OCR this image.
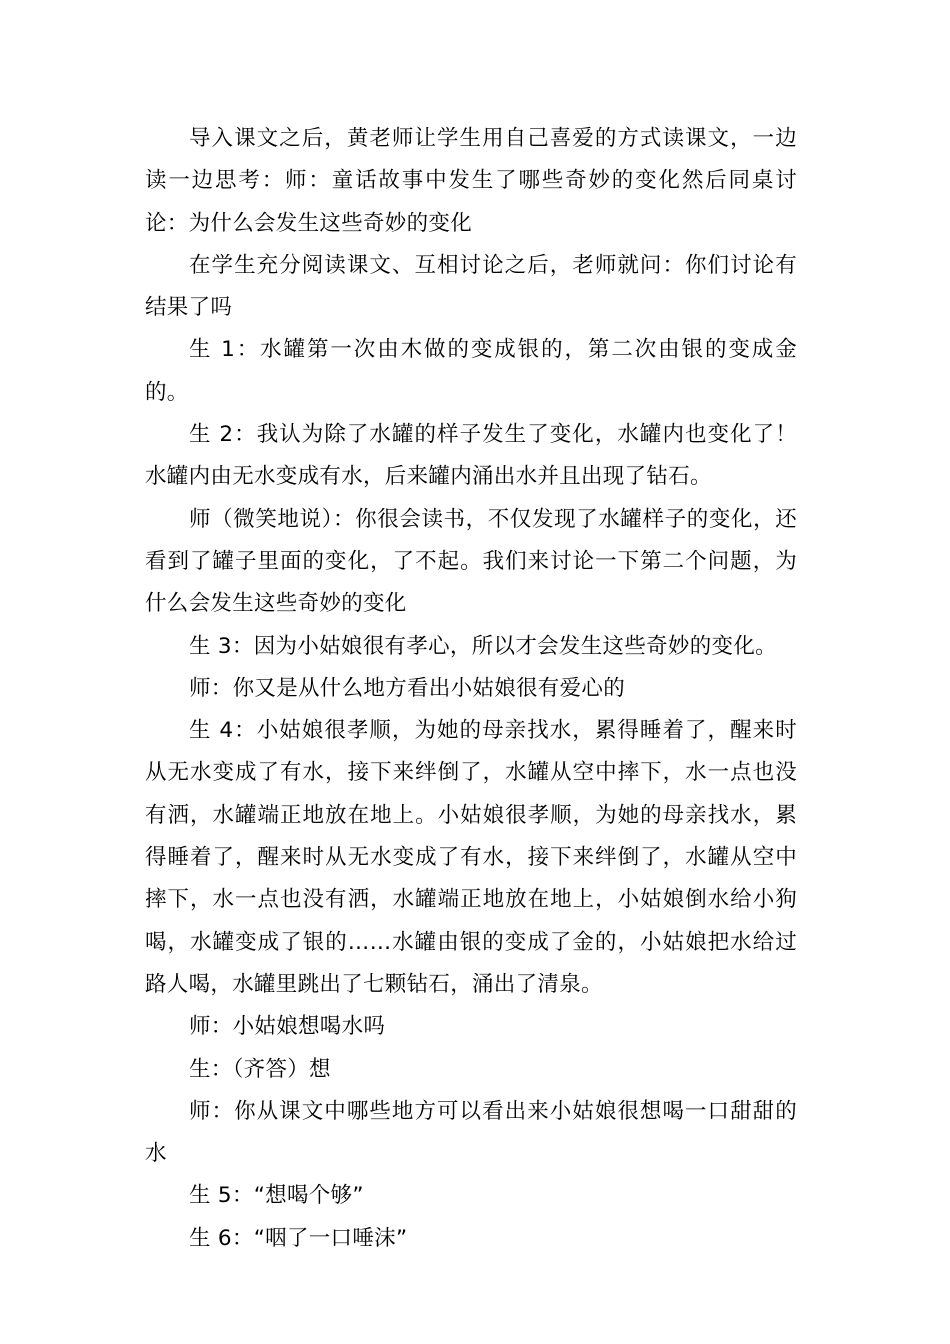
导入课文之后，黄老师让学生用自己喜爱的方式读课文，一边读一边思考：师：童话故事中发生了哪些奇妙的变化然后同桌讨论：为什么会发生这些奇妙的变化

在学生充分阅读课文、互相讨论之后，老师就问：你们讨论有结果了吗

生 1：水罐第一次由木做的变成银的，第二次由银的变成金的。

生 2：我认为除了水罐的样子发生了变化，水罐内也变化了！水罐内由无水变成有水，后来罐内涌出水并且出现了钻石。

师（微笑地说）：你很会读书，不仅发现了水罐样子的变化，还看到了罐子里面的变化，了不起。我们来讨论一下第二个问题，为什么会发生这些奇妙的变化

生 3：因为小姑娘很有孝心，所以才会发生这些奇妙的变化。

师：你又是从什么地方看出小姑娘很有爱心的

生 4：小姑娘很孝顺，为她的母亲找水，累得睡着了，醒来时从无水变成了有水，接下来绊倒了，水罐从空中摔下，水一点也没有洒，水罐端正地放在地上。小姑娘很孝顺，为她的母亲找水，累得睡着了，醒来时从无水变成了有水，接下来绊倒了，水罐从空中摔下，水一点也没有洒，水罐端正地放在地上，小姑娘倒水给小狗喝，水罐变成了银的……水罐由银的变成了金的，小姑娘把水给过路人喝，水罐里跳出了七颗钻石，涌出了清泉。

师：小姑娘想喝水吗

生：（齐答）想

师：你从课文中哪些地方可以看出来小姑娘很想喝一口甜甜的水

生 5：“想喝个够”

生 6：“咽了一口唾沫”
